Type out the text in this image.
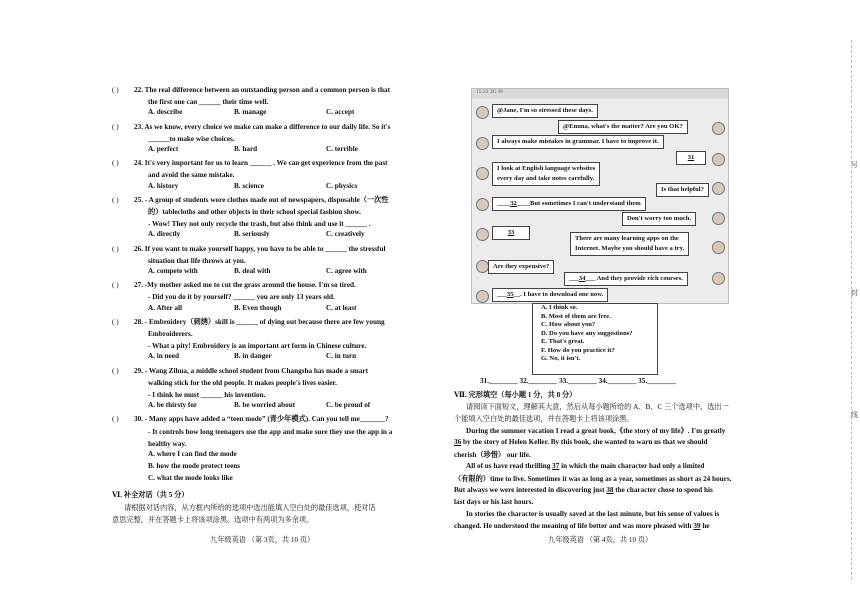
( ) 22. The real difference between an outstanding person and a common person is that
the first one can ______ their time well.
A. describe	B. manage	C. accept
( ) 23. As we know, every choice we make can make a difference to our daily life. So it's
______to make wise choices.
A. perfect	B. hard	C. terrible
( ) 24. It's very important for us to learn ______ . We can get experience from the past
and avoid the same mistake.
A. history	B. science	C. physics
( ) 25. - A group of students wore clothes made out of newspapers, disposable（一次性
的）tablecloths and other objects in their school special fashion show.
- Wow! They not only recycle the trash, but also think and use it ______ .
A. directly	B. seriously	C. creatively
( ) 26. If you want to make yourself happy, you have to be able to ______ the stressful
situation that life throws at you.
A. compete with	B. deal with	C. agree with
( ) 27. -My mother asked me to cut the grass around the house. I'm so tired.
- Did you do it by yourself? ______ you are only 13 years old.
A. After all	B. Even though	C. at least
( ) 28. - Embroidery（刺绣）skill is ______ of dying out because there are few young
Embroiderers.
- What a pity! Embroidery is an important art form in Chinese culture.
A. in need	B. in danger	C. in turn
( ) 29. - Wang Zihua, a middle school student from Changsha has made a smart
walking stick for the old people. It makes people's lives easier.
- I think he must ______ his invention.
A. be thirsty for	B. be worried about	C. be proud of
( ) 30. - Many apps have added a “teen mode” (青少年模式). Can you tell me_______?
- It controls how long teenagers use the app and make sure they use the app in a
healthy way.
A. where I can find the mode
B. how the mode protect teens
C. what the mode looks like
Ⅵ. 补全对话（共 5 分）
请根据对话内容，从方框内所给的选项中选出能填入空白处的最佳选项，使对话
意思完整，并在答题卡上将该项涂黑。选项中有两项为多余项。
九年级英语 （第 3页，共 10 页）
15:22 3G ✉
@Jane, I'm so stressed these days.
@Emma, what's the matter? Are you OK?
I always make mistakes in grammar. I have to improve it.
31
I look at English language websites
every day and take notes carefully.
Is that helpful?
____32____But sometimes I can't understand them
Don't worry too much.
33
There are many learning apps on the
Internet. Maybe you should have a try.
Are they expensive?
___34___ And they provide rich courses.
___35__. I have to download one now.
A. I think so.
B. Most of them are free.
C. How about you?
D. Do you have any suggestions?
E. That's great.
F. How do you practice it?
G. No, it isn't.
31.________ 32.________ 33.________ 34.________ 35.________
Ⅶ. 完形填空（每小题 1 分，共 8 分）
请阅读下面短文，理解其大意，然后从每小题所给的 A、B、C 三个选项中，选出一
个能填入空白处的最佳选项，并在答题卡上将该项涂黑。
During the summer vacation I read a great book,《the story of my life》. I'm greatly
36 by the story of Helen Keller. By this book, she wanted to warn us that we should
cherish（珍惜） our life.
All of us have read thrilling 37 in which the main character had only a limited
（有限的）time to live. Sometimes it was as long as a year, sometimes as short as 24 hours.
But always we were interested in discovering just 38 the character chose to spend his
last days or his last hours.
In stories the character is usually saved at the last minute, but his sense of values is
changed. He understood the meaning of life better and was more pleased with 39 he
九年级英语 （第 4页，共 10 页）
号
封
线
